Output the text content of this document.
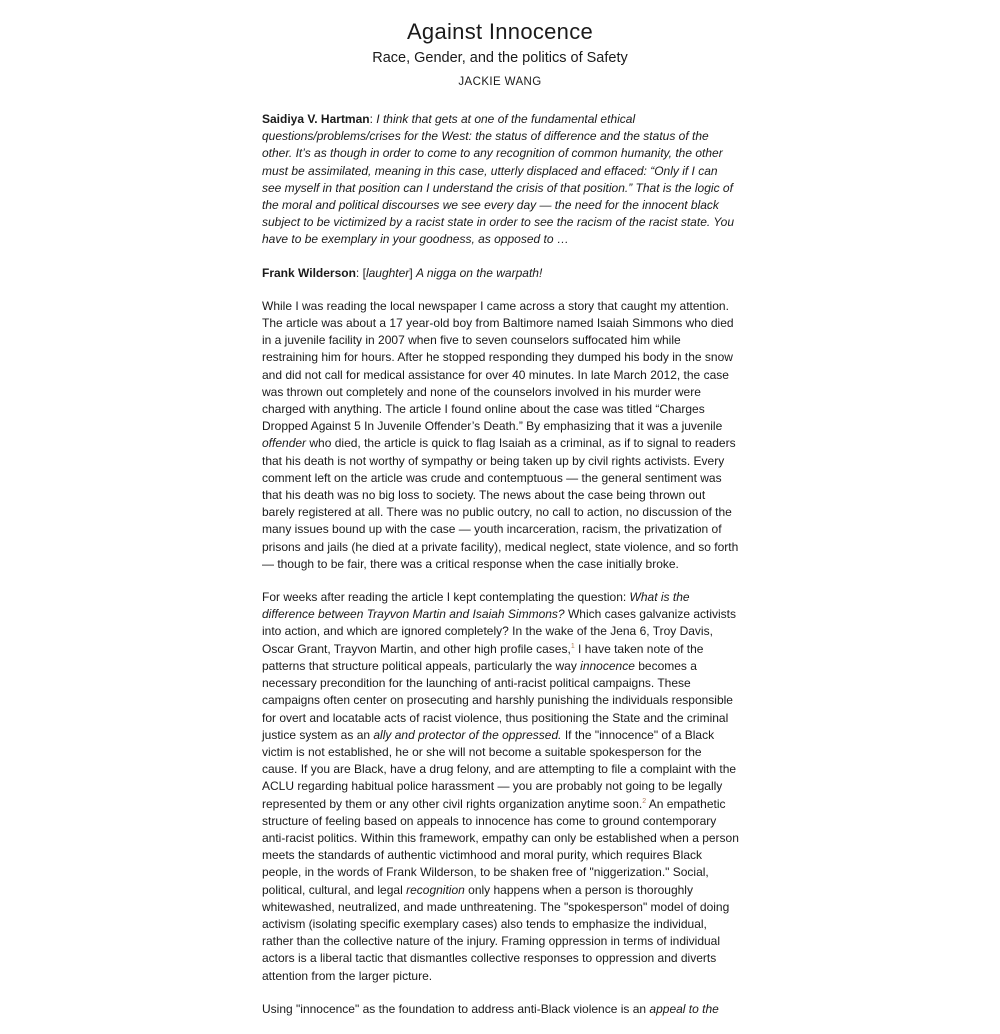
Against Innocence
Race, Gender, and the politics of Safety
JACKIE WANG

Saidiya V. Hartman: I think that gets at one of the fundamental ethical questions/problems/crises for the West: the status of difference and the status of the other. It’s as though in order to come to any recognition of common humanity, the other must be assimilated, meaning in this case, utterly displaced and effaced: “Only if I can see myself in that position can I understand the crisis of that position.” That is the logic of the moral and political discourses we see every day — the need for the innocent black subject to be victimized by a racist state in order to see the racism of the racist state. You have to be exemplary in your goodness, as opposed to …

Frank Wilderson: [laughter] A nigga on the warpath!

While I was reading the local newspaper I came across a story that caught my attention. The article was about a 17 year-old boy from Baltimore named Isaiah Simmons who died in a juvenile facility in 2007 when five to seven counselors suffocated him while restraining him for hours. After he stopped responding they dumped his body in the snow and did not call for medical assistance for over 40 minutes. In late March 2012, the case was thrown out completely and none of the counselors involved in his murder were charged with anything. The article I found online about the case was titled “Charges Dropped Against 5 In Juvenile Offender’s Death.” By emphasizing that it was a juvenile offender who died, the article is quick to flag Isaiah as a criminal, as if to signal to readers that his death is not worthy of sympathy or being taken up by civil rights activists. Every comment left on the article was crude and contemptuous — the general sentiment was that his death was no big loss to society. The news about the case being thrown out barely registered at all. There was no public outcry, no call to action, no discussion of the many issues bound up with the case — youth incarceration, racism, the privatization of prisons and jails (he died at a private facility), medical neglect, state violence, and so forth — though to be fair, there was a critical response when the case initially broke.

For weeks after reading the article I kept contemplating the question: What is the difference between Trayvon Martin and Isaiah Simmons? Which cases galvanize activists into action, and which are ignored completely? In the wake of the Jena 6, Troy Davis, Oscar Grant, Trayvon Martin, and other high profile cases,$^1$ I have taken note of the patterns that structure political appeals, particularly the way innocence becomes a necessary precondition for the launching of anti-racist political campaigns. These campaigns often center on prosecuting and harshly punishing the individuals responsible for overt and locatable acts of racist violence, thus positioning the State and the criminal justice system as an ally and protector of the oppressed. If the "innocence" of a Black victim is not established, he or she will not become a suitable spokesperson for the cause. If you are Black, have a drug felony, and are attempting to file a complaint with the ACLU regarding habitual police harassment — you are probably not going to be legally represented by them or any other civil rights organization anytime soon.$^2$ An empathetic structure of feeling based on appeals to innocence has come to ground contemporary anti-racist politics. Within this framework, empathy can only be established when a person meets the standards of authentic victimhood and moral purity, which requires Black people, in the words of Frank Wilderson, to be shaken free of "niggerization." Social, political, cultural, and legal recognition only happens when a person is thoroughly whitewashed, neutralized, and made unthreatening. The "spokesperson" model of doing activism (isolating specific exemplary cases) also tends to emphasize the individual, rather than the collective nature of the injury. Framing oppression in terms of individual actors is a liberal tactic that dismantles collective responses to oppression and diverts attention from the larger picture.

Using "innocence" as the foundation to address anti-Black violence is an appeal to the
